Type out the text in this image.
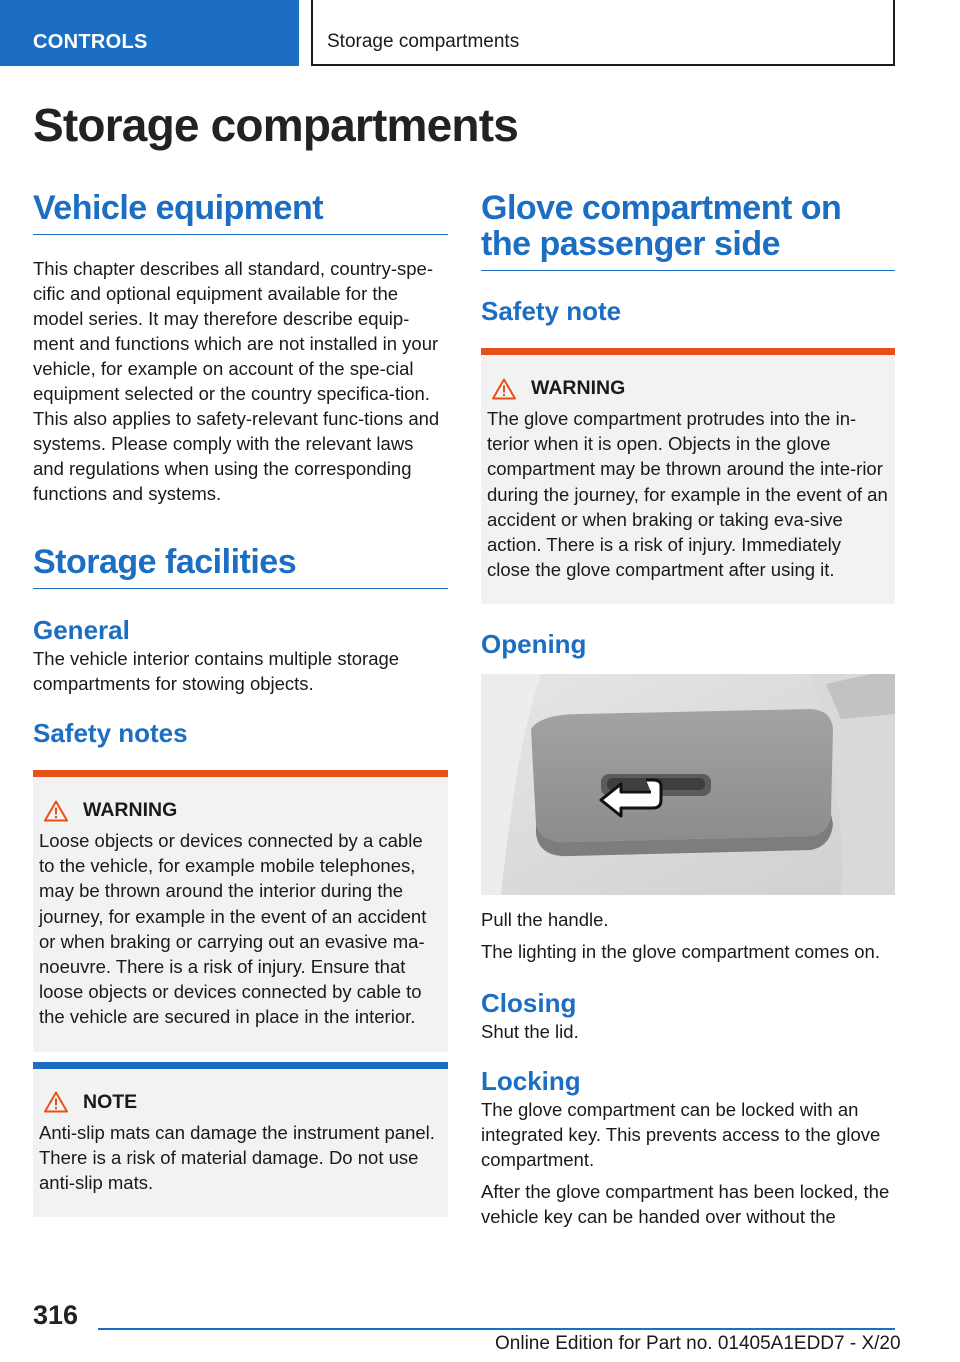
CONTROLS	Storage compartments
Storage compartments
Vehicle equipment

This chapter describes all standard, country-spe-cific and optional equipment available for the model series. It may therefore describe equip-ment and functions which are not installed in your vehicle, for example on account of the spe-cial equipment selected or the country specifica-tion. This also applies to safety-relevant func-tions and systems. Please comply with the relevant laws and regulations when using the corresponding functions and systems.

Storage facilities
General

The vehicle interior contains multiple storage compartments for stowing objects.

Safety notes
WARNING

Loose objects or devices connected by a cable to the vehicle, for example mobile telephones, may be thrown around the interior during the journey, for example in the event of an accident or when braking or carrying out an evasive ma-noeuvre. There is a risk of injury. Ensure that loose objects or devices connected by cable to the vehicle are secured in place in the interior.

NOTE

Anti-slip mats can damage the instrument panel. There is a risk of material damage. Do not use anti-slip mats.

Glove compartment on the passenger side
Safety note
WARNING

The glove compartment protrudes into the in-terior when it is open. Objects in the glove compartment may be thrown around the inte-rior during the journey, for example in the event of an accident or when braking or taking eva-sive action. There is a risk of injury. Immediately close the glove compartment after using it.

Opening

Pull the handle.

The lighting in the glove compartment comes on.

Closing

Shut the lid.

Locking

The glove compartment can be locked with an integrated key. This prevents access to the glove compartment.

After the glove compartment has been locked, the vehicle key can be handed over without the

316
Online Edition for Part no. 01405A1EDD7 - X/20
